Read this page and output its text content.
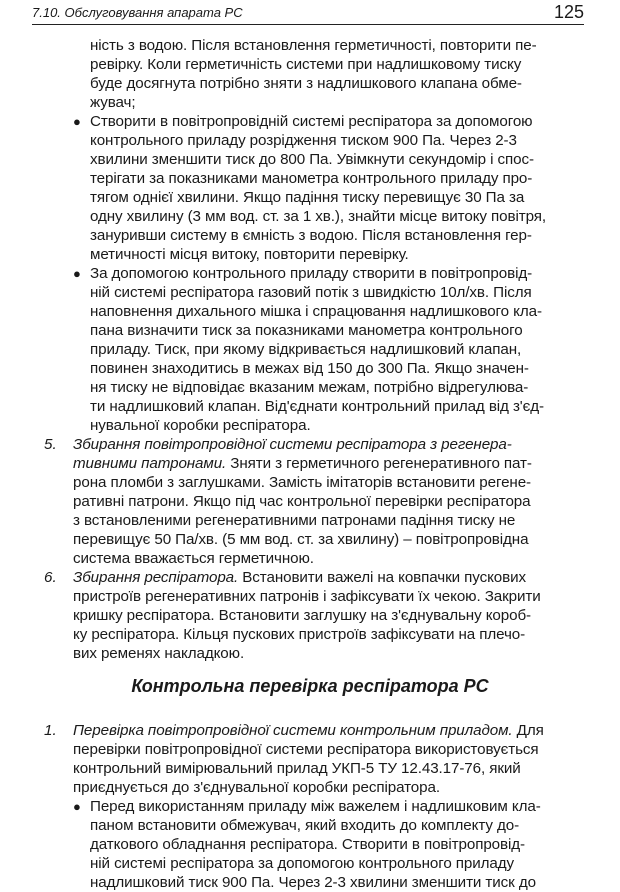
7.10. Обслуговування апарата РС	125
ність з водою. Після встановлення герметичності, повторити пе-
ревірку. Коли герметичність системи при надлишковому тиску
буде досягнута потрібно зняти з надлишкового клапана обме-
жувач;
● Створити в повітропровідній системі респіратора за допомогою
контрольного приладу розрідження тиском 900 Па. Через 2-3
хвилини зменшити тиск до 800 Па. Увімкнути секундомір і спос-
терігати за показниками манометра контрольного приладу про-
тягом однієї хвилини. Якщо падіння тиску перевищує 30 Па за
одну хвилину (3 мм вод. ст. за 1 хв.), знайти місце витоку повітря,
зануривши систему в ємність з водою. Після встановлення гер-
метичності місця витоку, повторити перевірку.
● За допомогою контрольного приладу створити в повітропровід-
ній системі респіратора газовий потік з швидкістю 10л/хв. Після
наповнення дихального мішка і спрацювання надлишкового кла-
пана визначити тиск за показниками манометра контрольного
приладу. Тиск, при якому відкривається надлишковий клапан,
повинен знаходитись в межах від 150 до 300 Па. Якщо значен-
ня тиску не відповідає вказаним межам, потрібно відрегулюва-
ти надлишковий клапан. Від'єднати контрольний прилад від з'єд-
нувальної коробки респіратора.
5. Збирання повітропровідної системи респіратора з регенера-
тивними патронами. Зняти з герметичного регенеративного пат-
рона пломби з заглушками. Замість імітаторів встановити регене-
ративні патрони. Якщо під час контрольної перевірки респіратора
з встановленими регенеративними патронами падіння тиску не
перевищує 50 Па/хв. (5 мм вод. ст. за хвилину) – повітропровідна
система вважається герметичною.
6. Збирання респіратора. Встановити важелі на ковпачки пускових
пристроїв регенеративних патронів і зафіксувати їх чекою. Закрити
кришку респіратора. Встановити заглушку на з'єднувальну короб-
ку респіратора. Кільця пускових пристроїв зафіксувати на плечо-
вих ременях накладкою.
Контрольна перевірка респіратора РС
1. Перевірка повітропровідної системи контрольним приладом. Для
перевірки повітропровідної системи респіратора використовується
контрольний вимірювальний прилад УКП-5 ТУ 12.43.17-76, який
приєднується до з'єднувальної коробки респіратора.
● Перед використанням приладу між важелем і надлишковим кла-
паном встановити обмежувач, який входить до комплекту до-
даткового обладнання респіратора. Створити в повітропровід-
ній системі респіратора за допомогою контрольного приладу
надлишковий тиск 900 Па. Через 2-3 хвилини зменшити тиск до
